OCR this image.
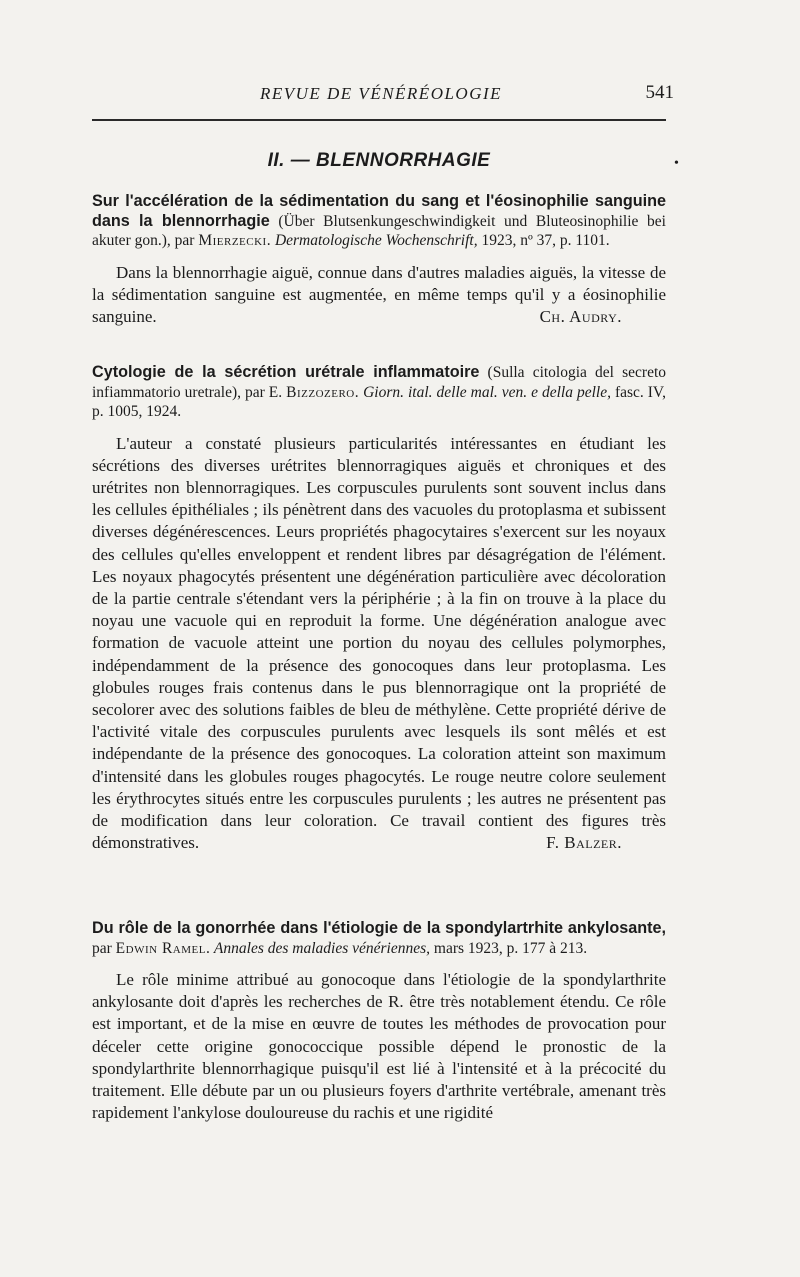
REVUE DE VÉNÉRÉOLOGIE	541
II. — BLENNORRHAGIE	•
Sur l'accélération de la sédimentation du sang et l'éosinophilie sanguine dans la blennorrhagie (Über Blutsenkungeschwindigkeit und Bluteosinophilie bei akuter gon.), par Mierzecki. Dermatologische Wochenschrift, 1923, nº 37, p. 1101.
Dans la blennorrhagie aiguë, connue dans d'autres maladies aiguës, la vitesse de la sédimentation sanguine est augmentée, en même temps qu'il y a éosinophilie sanguine.	Ch. Audry.
Cytologie de la sécrétion urétrale inflammatoire (Sulla citologia del secreto infiammatorio uretrale), par E. Bizzozero. Giorn. ital. delle mal. ven. e della pelle, fasc. IV, p. 1005, 1924.
L'auteur a constaté plusieurs particularités intéressantes en étudiant les sécrétions des diverses urétrites blennorragiques aiguës et chroniques et des urétrites non blennorragiques. Les corpuscules purulents sont souvent inclus dans les cellules épithéliales ; ils pénètrent dans des vacuoles du protoplasma et subissent diverses dégénérescences. Leurs propriétés phagocytaires s'exercent sur les noyaux des cellules qu'elles enveloppent et rendent libres par désagrégation de l'élément. Les noyaux phagocytés présentent une dégénération particulière avec décoloration de la partie centrale s'étendant vers la périphérie ; à la fin on trouve à la place du noyau une vacuole qui en reproduit la forme. Une dégénération analogue avec formation de vacuole atteint une portion du noyau des cellules polymorphes, indépendamment de la présence des gonocoques dans leur protoplasma. Les globules rouges frais contenus dans le pus blennorragique ont la propriété de secolorer avec des solutions faibles de bleu de méthylène. Cette propriété dérive de l'activité vitale des corpuscules purulents avec lesquels ils sont mêlés et est indépendante de la présence des gonocoques. La coloration atteint son maximum d'intensité dans les globules rouges phagocytés. Le rouge neutre colore seulement les érythrocytes situés entre les corpuscules purulents ; les autres ne présentent pas de modification dans leur coloration. Ce travail contient des figures très démonstratives.	F. Balzer.
Du rôle de la gonorrhée dans l'étiologie de la spondylartrhite ankylosante, par Edwin Ramel. Annales des maladies vénériennes, mars 1923, p. 177 à 213.
Le rôle minime attribué au gonocoque dans l'étiologie de la spondylarthrite ankylosante doit d'après les recherches de R. être très notablement étendu. Ce rôle est important, et de la mise en œuvre de toutes les méthodes de provocation pour déceler cette origine gonococcique possible dépend le pronostic de la spondylarthrite blennorrhagique puisqu'il est lié à l'intensité et à la précocité du traitement. Elle débute par un ou plusieurs foyers d'arthrite vertébrale, amenant très rapidement l'ankylose douloureuse du rachis et une rigidité
